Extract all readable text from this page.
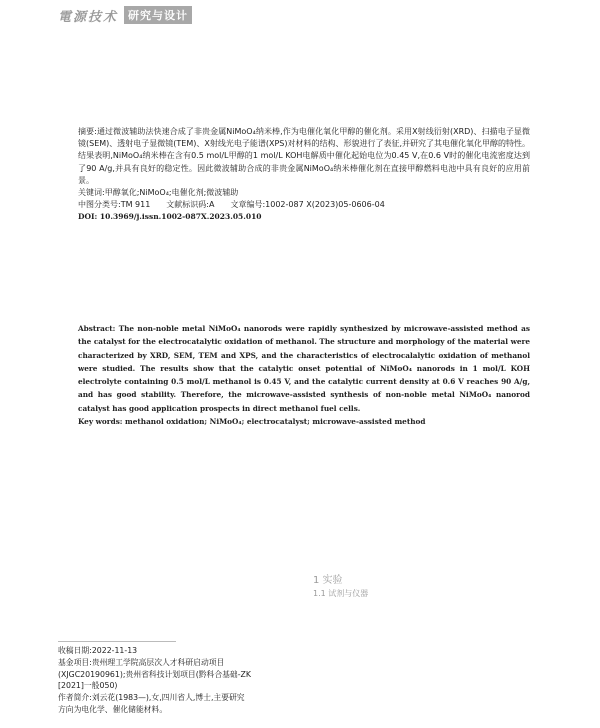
電源技术 研究与设计

摘要:通过微波辅助法快速合成了非贵金属NiMoO₄纳米棒,作为电催化氧化甲醇的催化剂。采用X射线衍射(XRD)、扫描电子显微镜(SEM)、透射电子显微镜(TEM)、X射线光电子能谱(XPS)对材料的结构、形貌进行了表征,并研究了其电催化氧化甲醇的特性。结果表明,NiMoO₄纳米棒在含有0.5 mol/L甲醇的1 mol/L KOH电解质中催化起始电位为0.45 V,在0.6 V时的催化电流密度达到了90 A/g,并具有良好的稳定性。因此微波辅助合成的非贵金属NiMoO₄纳米棒催化剂在直接甲醇燃料电池中具有良好的应用前景。

关键词:甲醇氧化;NiMoO₄;电催化剂;微波辅助

中图分类号:TM 911 文献标识码:A 文章编号:1002-087 X(2023)05-0606-04

DOI: 10.3969/j.issn.1002-087X.2023.05.010

Abstract: The non-noble metal NiMoO₄ nanorods were rapidly synthesized by microwave-assisted method as the catalyst for the electrocatalytic oxidation of methanol. The structure and morphology of the material were characterized by XRD, SEM, TEM and XPS, and the characteristics of electrocalalytic oxidation of methanol were studied. The results show that the catalytic onset potential of NiMoO₄ nanorods in 1 mol/L KOH electrolyte containing 0.5 mol/L methanol is 0.45 V, and the catalytic current density at 0.6 V reaches 90 A/g, and has good stability. Therefore, the microwave-assisted synthesis of non-noble metal NiMoO₄ nanorod catalyst has good application prospects in direct methanol fuel cells.

Key words: methanol oxidation; NiMoO₄; electrocatalyst; microwave-assisted method

1 实验
1.1 试剂与仪器

收稿日期:2022-11-13

基金项目:贵州理工学院高层次人才科研启动项目

(XJGC20190961);贵州省科技计划项目(黔科合基础-ZK

[2021]一般050)

作者简介:刘云花(1983—),女,四川省人,博士,主要研究

方向为电化学、催化储能材料。
